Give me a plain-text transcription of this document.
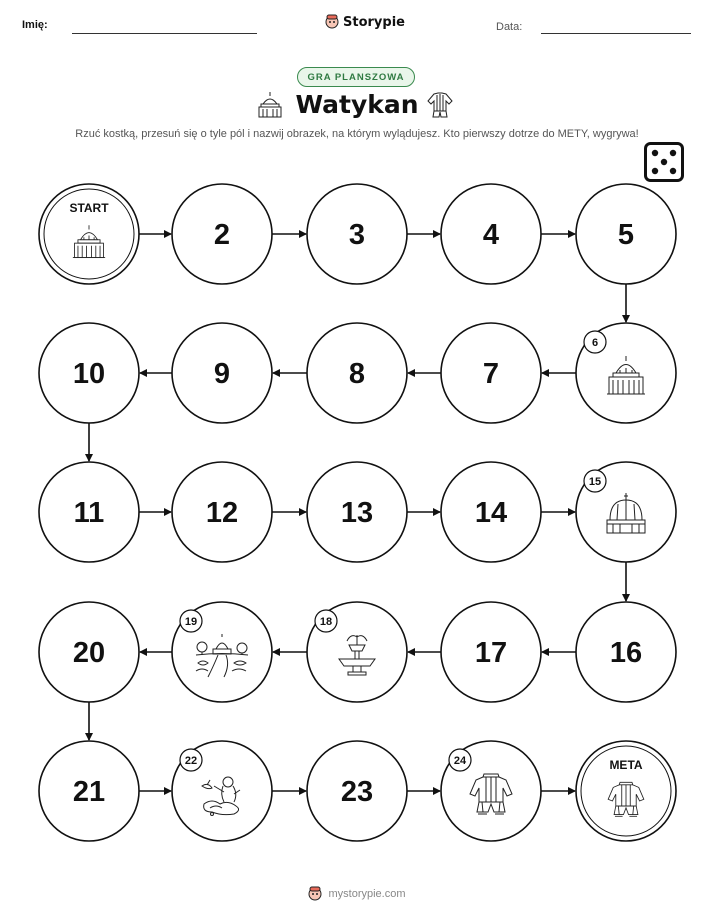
Imię:	Storypie	Data:
GRA PLANSZOWA
Watykan
Rzuć kostką, przesuń się o tyle pól i nazwij obrazek, na którym wylądujesz. Kto pierwszy dotrze do METY, wygrywa!
START
2	3	4	5
6
7
8
9
10
11	12	13	14
15
16
17
18
19
20
21
22
23
24	META
mystorypie.com
